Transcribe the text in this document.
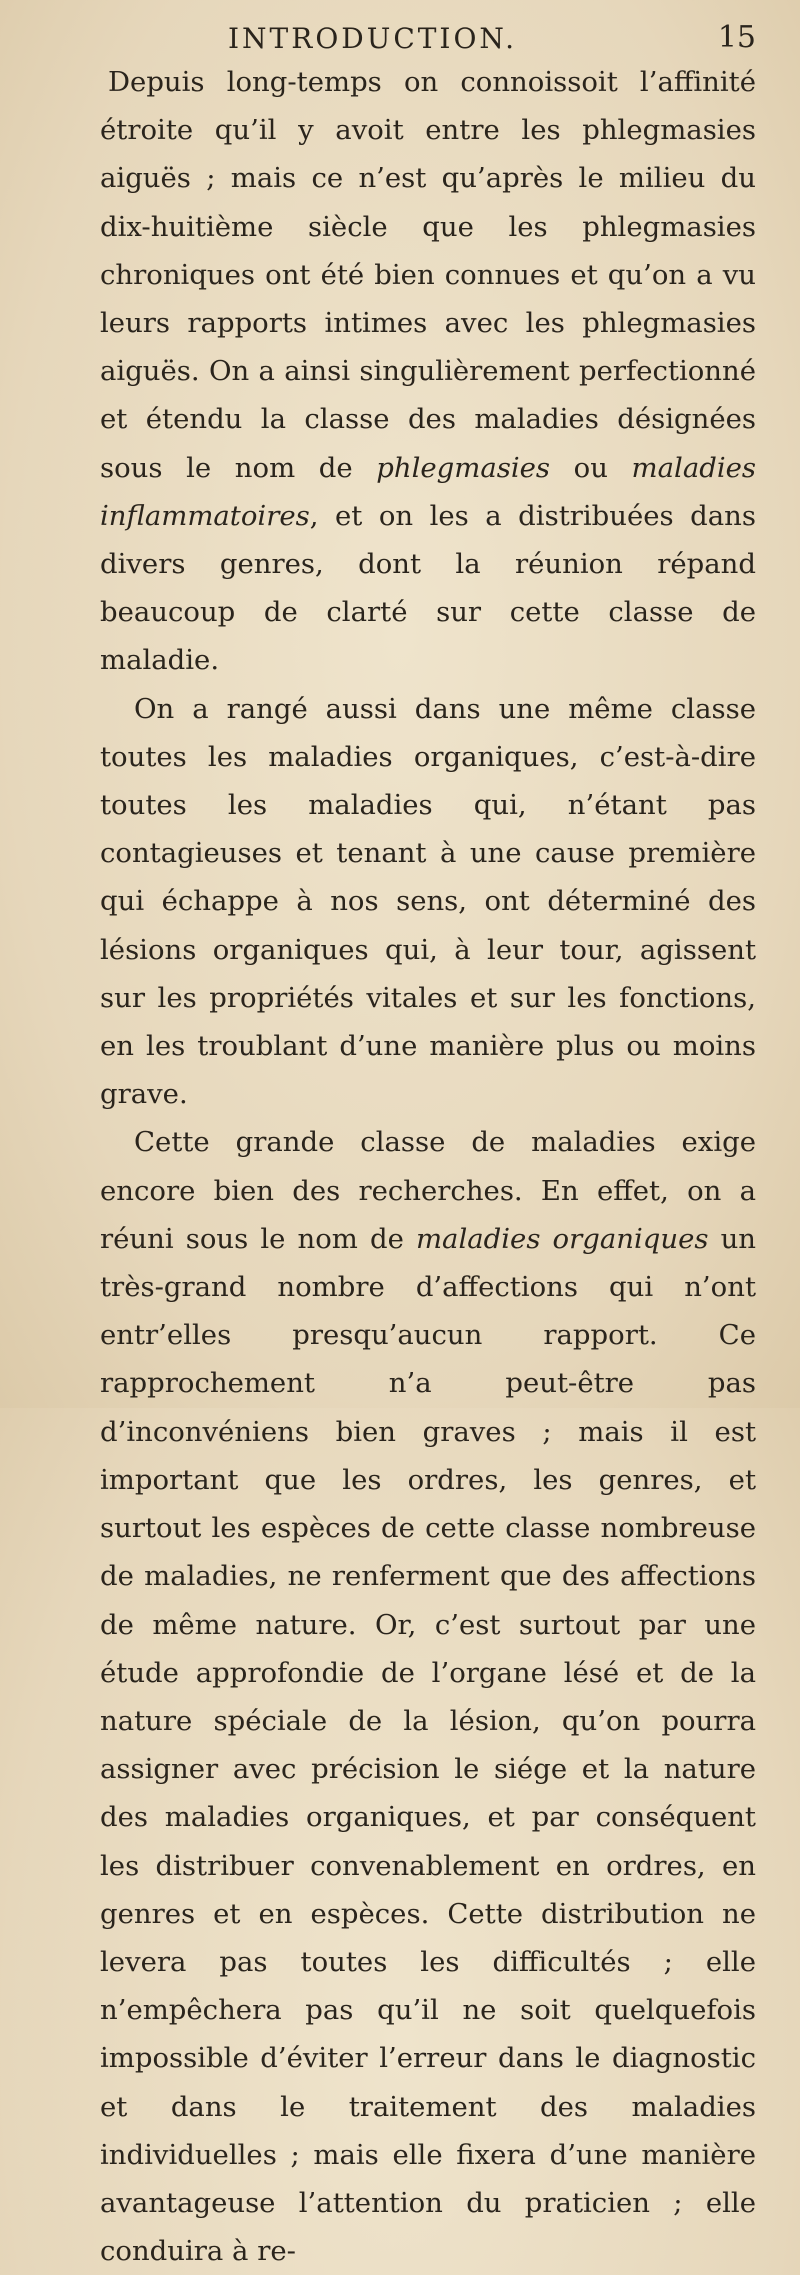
INTRODUCTION.	15

Depuis long-temps on connoissoit l’affinité étroite qu’il y avoit entre les phlegmasies aiguës ; mais ce n’est qu’après le milieu du dix-huitième siècle que les phlegmasies chroniques ont été bien connues et qu’on a vu leurs rapports intimes avec les phlegmasies aiguës. On a ainsi singulièrement perfectionné et étendu la classe des maladies désignées sous le nom de phlegmasies ou maladies inflammatoires, et on les a distribuées dans divers genres, dont la réunion répand beaucoup de clarté sur cette classe de maladie.

On a rangé aussi dans une même classe toutes les maladies organiques, c’est-à-dire toutes les maladies qui, n’étant pas contagieuses et tenant à une cause première qui échappe à nos sens, ont déterminé des lésions organiques qui, à leur tour, agissent sur les propriétés vitales et sur les fonctions, en les troublant d’une manière plus ou moins grave.

Cette grande classe de maladies exige encore bien des recherches. En effet, on a réuni sous le nom de maladies organiques un très-grand nombre d’affections qui n’ont entr’elles presqu’aucun rapport. Ce rapprochement n’a peut-être pas d’inconvéniens bien graves ; mais il est important que les ordres, les genres, et surtout les espèces de cette classe nombreuse de maladies, ne renferment que des affections de même nature. Or, c’est surtout par une étude approfondie de l’organe lésé et de la nature spéciale de la lésion, qu’on pourra assigner avec précision le siége et la nature des maladies organiques, et par conséquent les distribuer convenablement en ordres, en genres et en espèces. Cette distribution ne levera pas toutes les difficultés ; elle n’empêchera pas qu’il ne soit quelquefois impossible d’éviter l’erreur dans le diagnostic et dans le traitement des maladies individuelles ; mais elle fixera d’une manière avantageuse l’attention du praticien ; elle conduira à re-
